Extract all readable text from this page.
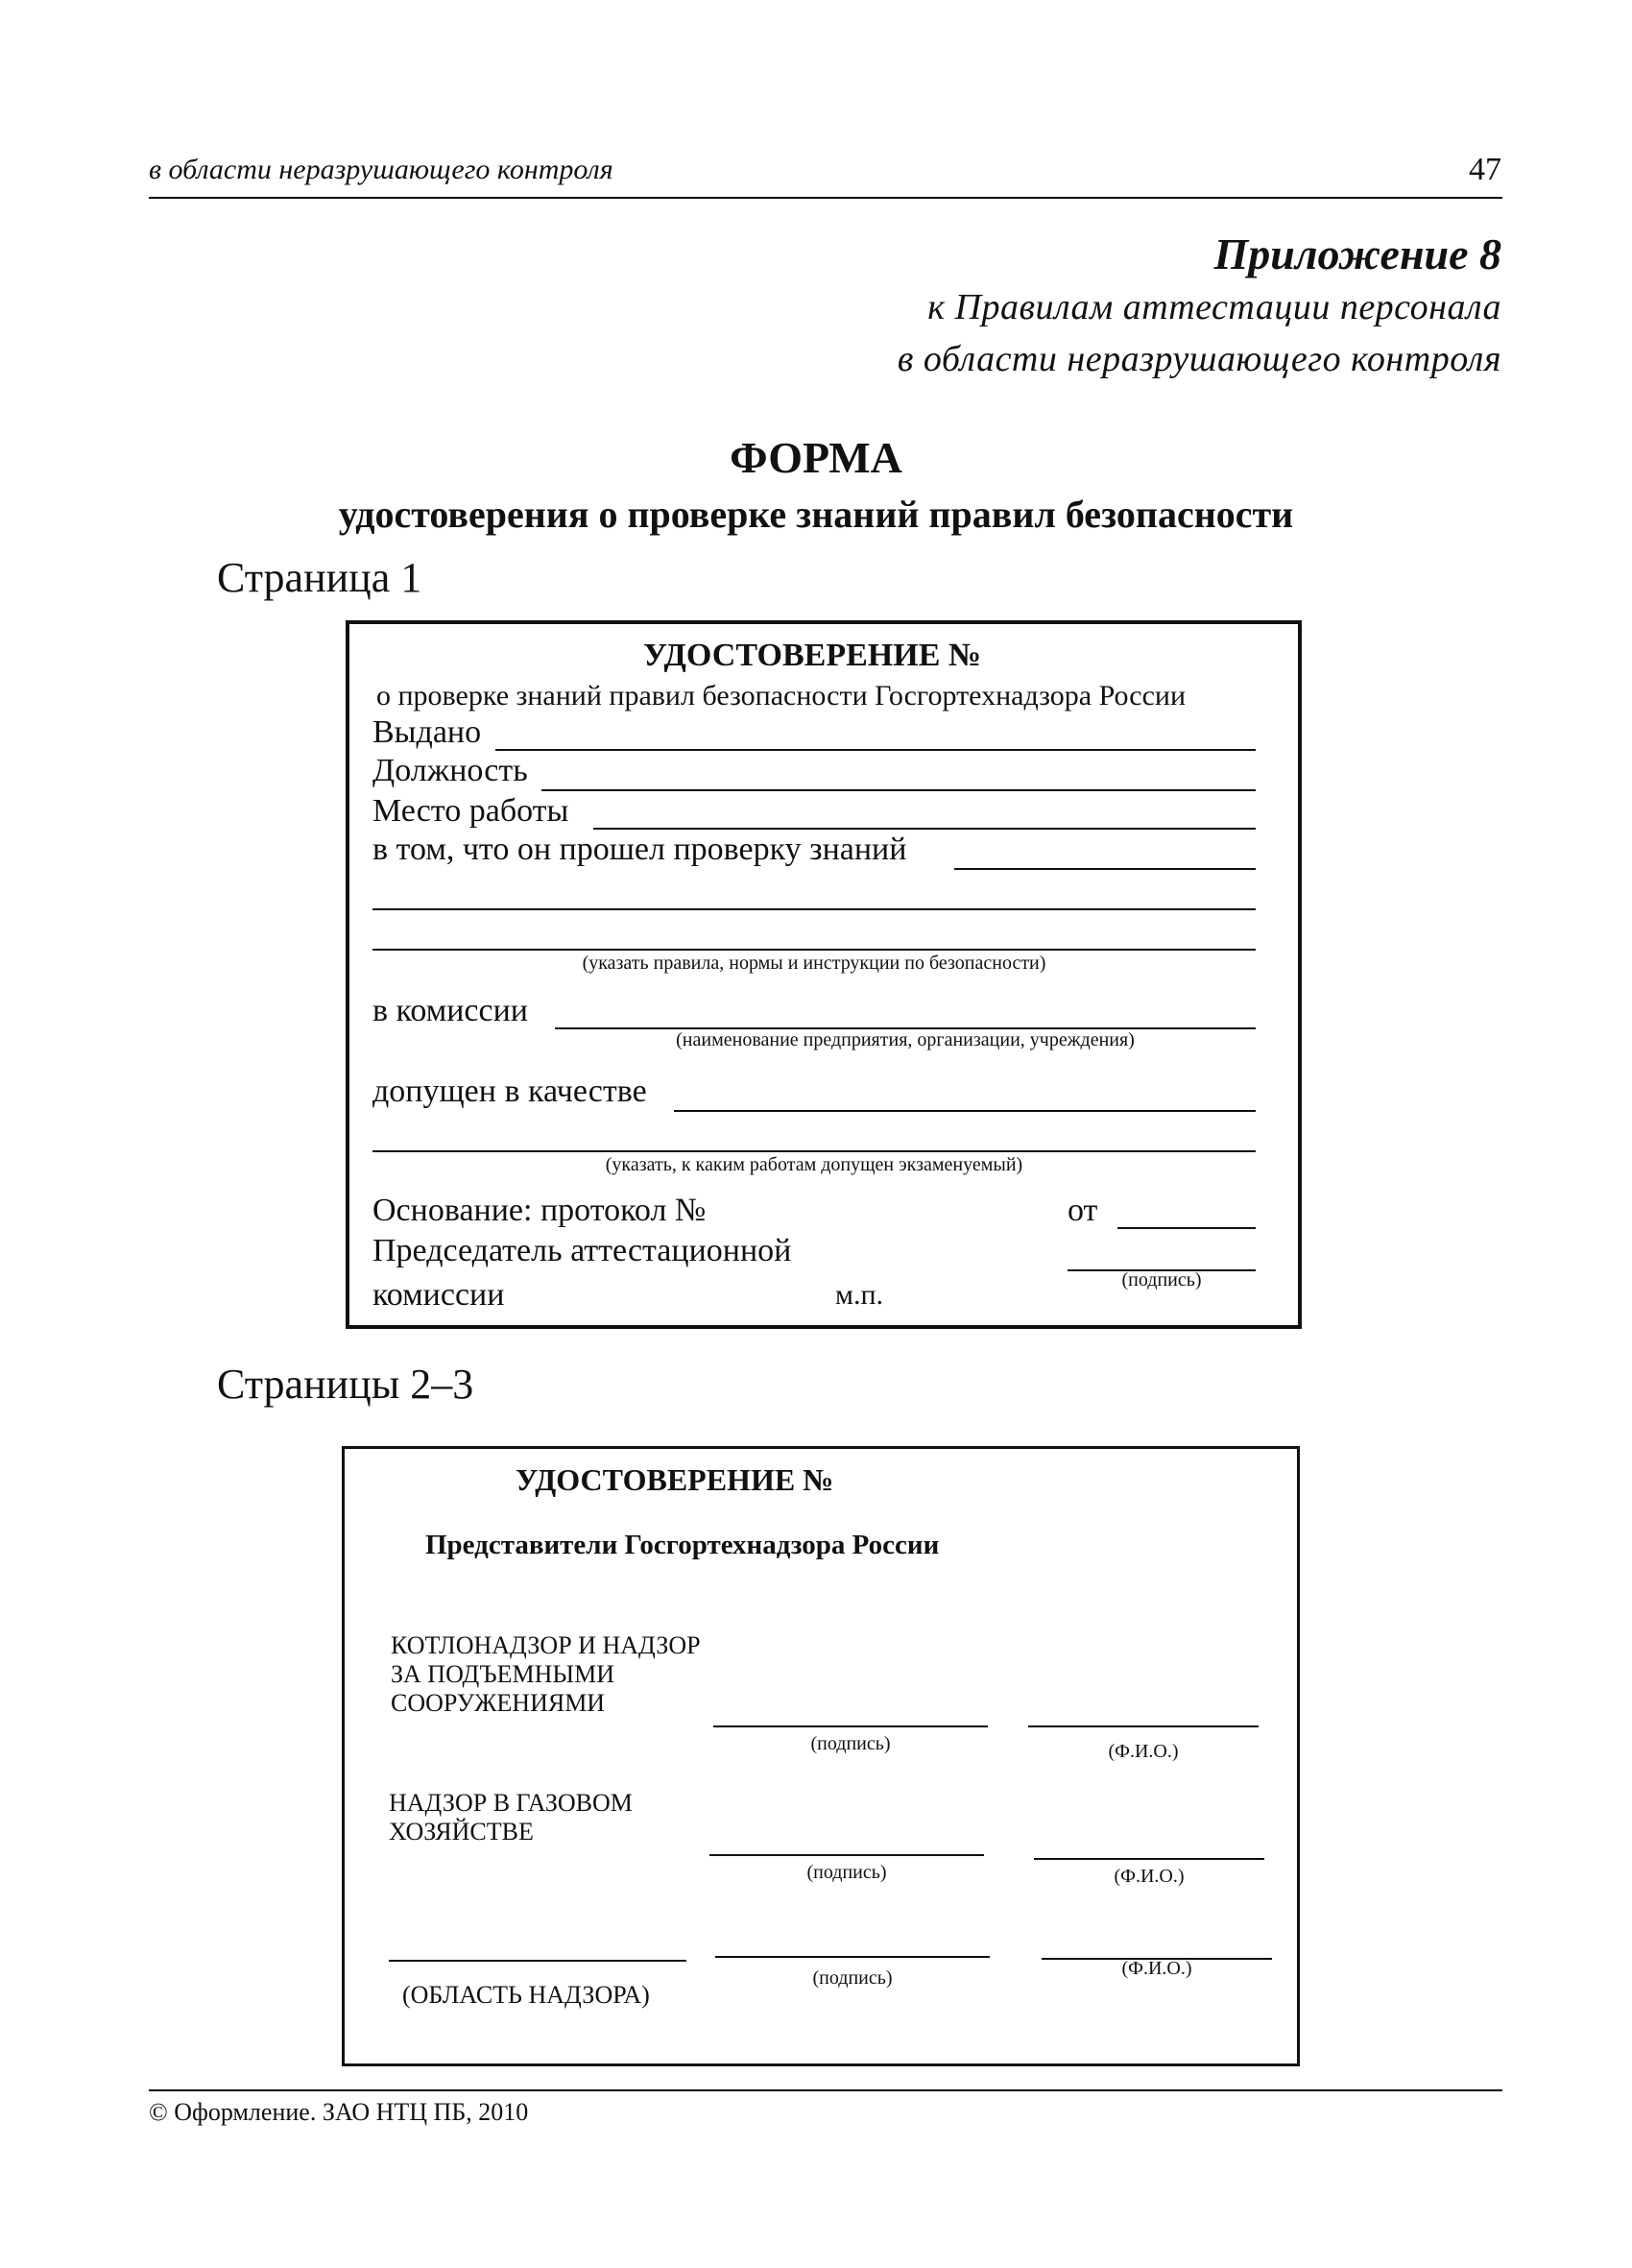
в области неразрушающего контроля	47
Приложение 8
к Правилам аттестации персонала
в области неразрушающего контроля
ФОРМА
удостоверения о проверке знаний правил безопасности
Страница 1
УДОСТОВЕРЕНИЕ №
о проверке знаний правил безопасности Госгортехнадзора России
Выдано
Должность
Место работы
в том, что он прошел проверку знаний
(указать правила, нормы и инструкции по безопасности)
в комиссии
(наименование предприятия, организации, учреждения)
допущен в качестве
(указать, к каким работам допущен экзаменуемый)
Основание: протокол №	от
Председатель аттестационной
(подпись)
комиссии	м.п.
Страницы 2–3
УДОСТОВЕРЕНИЕ №
Представители Госгортехнадзора России
КОТЛОНАДЗОР И НАДЗОР
ЗА ПОДЪЕМНЫМИ
СООРУЖЕНИЯМИ
(подпись)	(Ф.И.О.)
НАДЗОР В ГАЗОВОМ
ХОЗЯЙСТВЕ
(подпись)	(Ф.И.О.)
(ОБЛАСТЬ НАДЗОРА)
(подпись)	(Ф.И.О.)
© Оформление. ЗАО НТЦ ПБ, 2010
